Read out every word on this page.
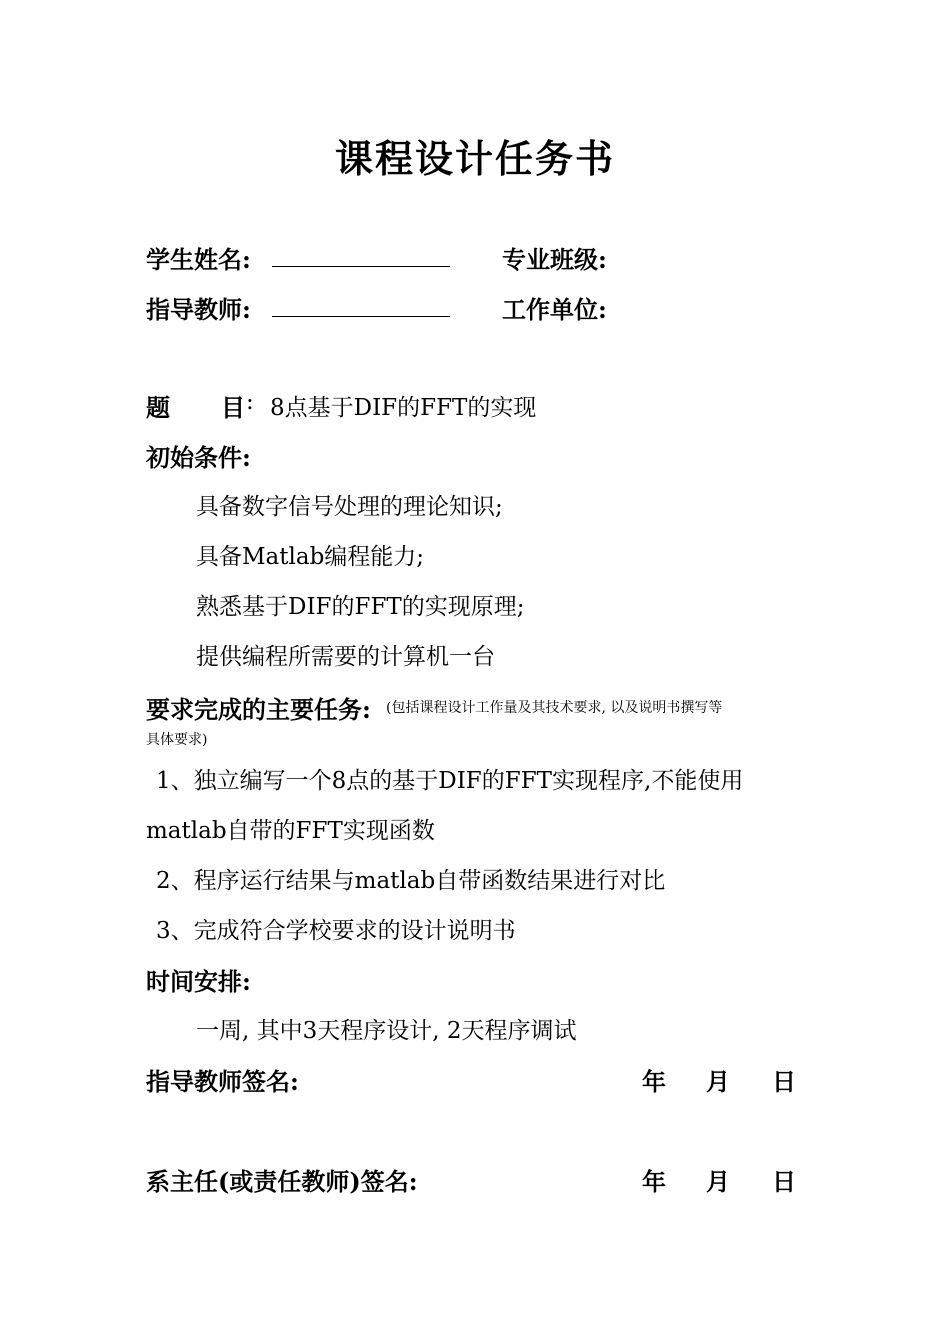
课程设计任务书
学生姓名:	专业班级:
指导教师:	工作单位:
题 目 : 8点基于DIF的FFT的实现
初始条件:
具备数字信号处理的理论知识;
具备Matlab编程能力;
熟悉基于DIF的FFT的实现原理;
提供编程所需要的计算机一台
要求完成的主要任务: (包括课程设计工作量及其技术要求, 以及说明书撰写等
具体要求)
1、独立编写一个8点的基于DIF的FFT实现程序,不能使用
matlab自带的FFT实现函数
2、程序运行结果与matlab自带函数结果进行对比
3、完成符合学校要求的设计说明书
时间安排:
一周, 其中3天程序设计, 2天程序调试
指导教师签名:	年 月 日
系主任(或责任教师)签名:	年 月 日
